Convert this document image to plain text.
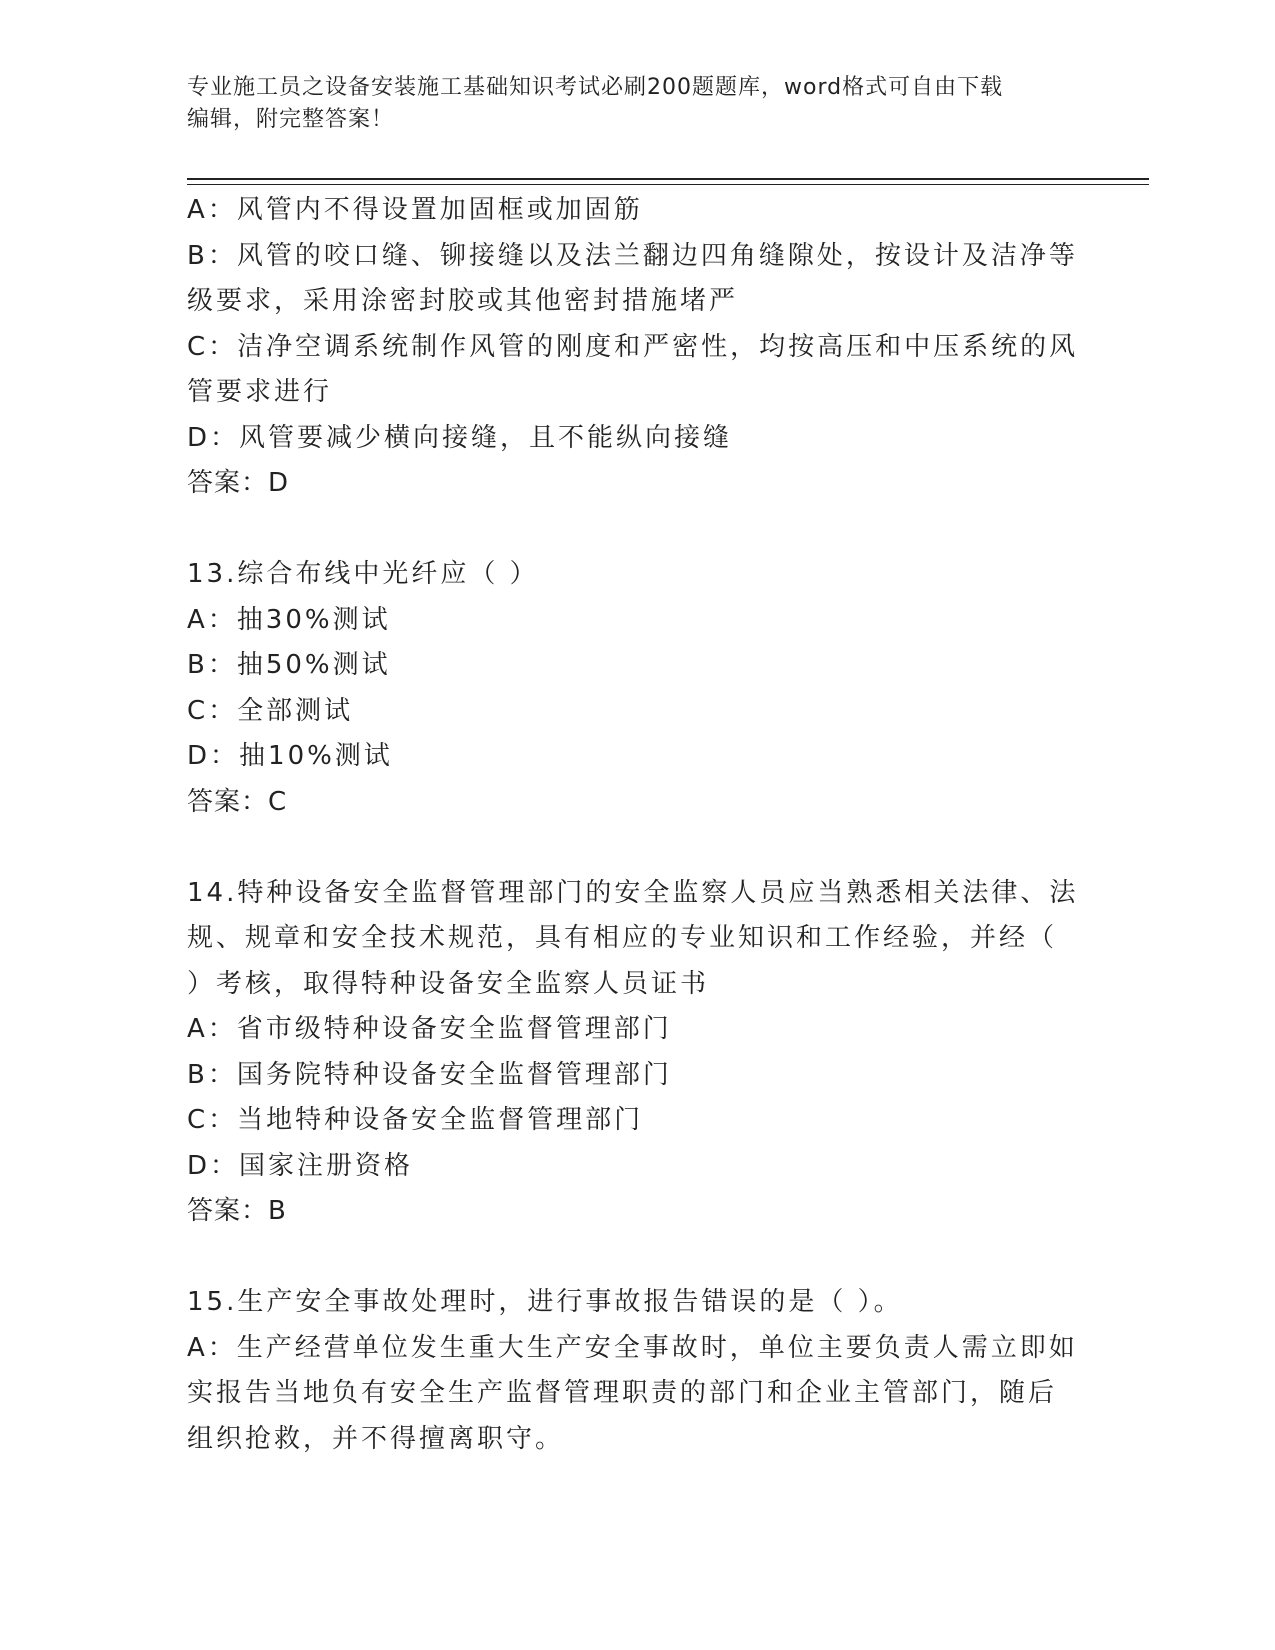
专业施工员之设备安装施工基础知识考试必刷200题题库，word格式可自由下载
编辑，附完整答案！
A：风管内不得设置加固框或加固筋
B：风管的咬口缝、铆接缝以及法兰翻边四角缝隙处，按设计及洁净等
级要求，采用涂密封胶或其他密封措施堵严
C：洁净空调系统制作风管的刚度和严密性，均按高压和中压系统的风
管要求进行
D：风管要减少横向接缝，且不能纵向接缝
答案：D
13.综合布线中光纤应（ ）
A：抽30%测试
B：抽50%测试
C：全部测试
D：抽10%测试
答案：C
14.特种设备安全监督管理部门的安全监察人员应当熟悉相关法律、法
规、规章和安全技术规范，具有相应的专业知识和工作经验，并经（
）考核，取得特种设备安全监察人员证书
A：省市级特种设备安全监督管理部门
B：国务院特种设备安全监督管理部门
C：当地特种设备安全监督管理部门
D：国家注册资格
答案：B
15.生产安全事故处理时，进行事故报告错误的是（ ）。
A：生产经营单位发生重大生产安全事故时，单位主要负责人需立即如
实报告当地负有安全生产监督管理职责的部门和企业主管部门，随后
组织抢救，并不得擅离职守。
